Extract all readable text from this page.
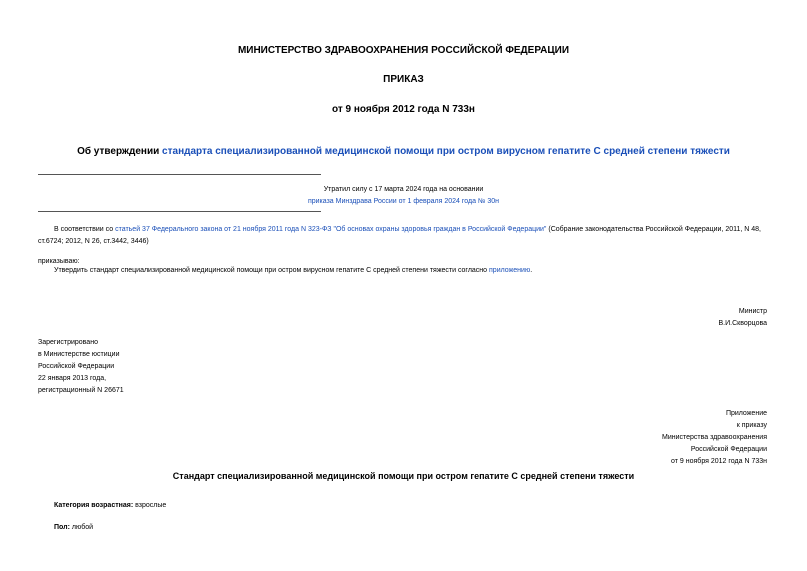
МИНИСТЕРСТВО ЗДРАВООХРАНЕНИЯ РОССИЙСКОЙ ФЕДЕРАЦИИ
ПРИКАЗ
от 9 ноября 2012 года N 733н
Об утверждении стандарта специализированной медицинской помощи при остром вирусном гепатите С средней степени тяжести
Утратил силу с 17 марта 2024 года на основании
приказа Минздрава России от 1 февраля 2024 года № 30н
В соответствии со статьей 37 Федерального закона от 21 ноября 2011 года N 323-ФЗ "Об основах охраны здоровья граждан в Российской Федерации" (Собрание законодательства Российской Федерации, 2011, N 48, ст.6724; 2012, N 26, ст.3442, 3446)
приказываю:
Утвердить стандарт специализированной медицинской помощи при остром вирусном гепатите С средней степени тяжести согласно приложению.
Министр
В.И.Скворцова
Зарегистрировано
в Министерстве юстиции
Российской Федерации
22 января 2013 года,
регистрационный N 26671
Приложение
к приказу
Министерства здравоохранения
Российской Федерации
от 9 ноября 2012 года N 733н
Стандарт специализированной медицинской помощи при остром гепатите С средней степени тяжести
Категория возрастная: взрослые
Пол: любой
